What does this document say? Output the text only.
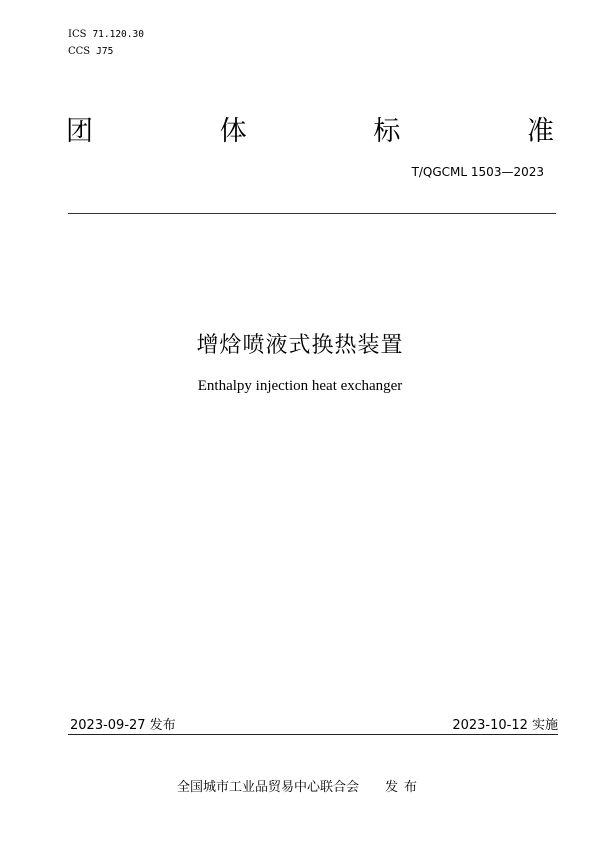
ICS 71.120.30
CCS J75
团	体	标	准
T/QGCML 1503—2023
增焓喷液式换热装置
Enthalpy injection heat exchanger
2023-09-27 发布	2023-10-12 实施
全国城市工业品贸易中心联合会 发布
